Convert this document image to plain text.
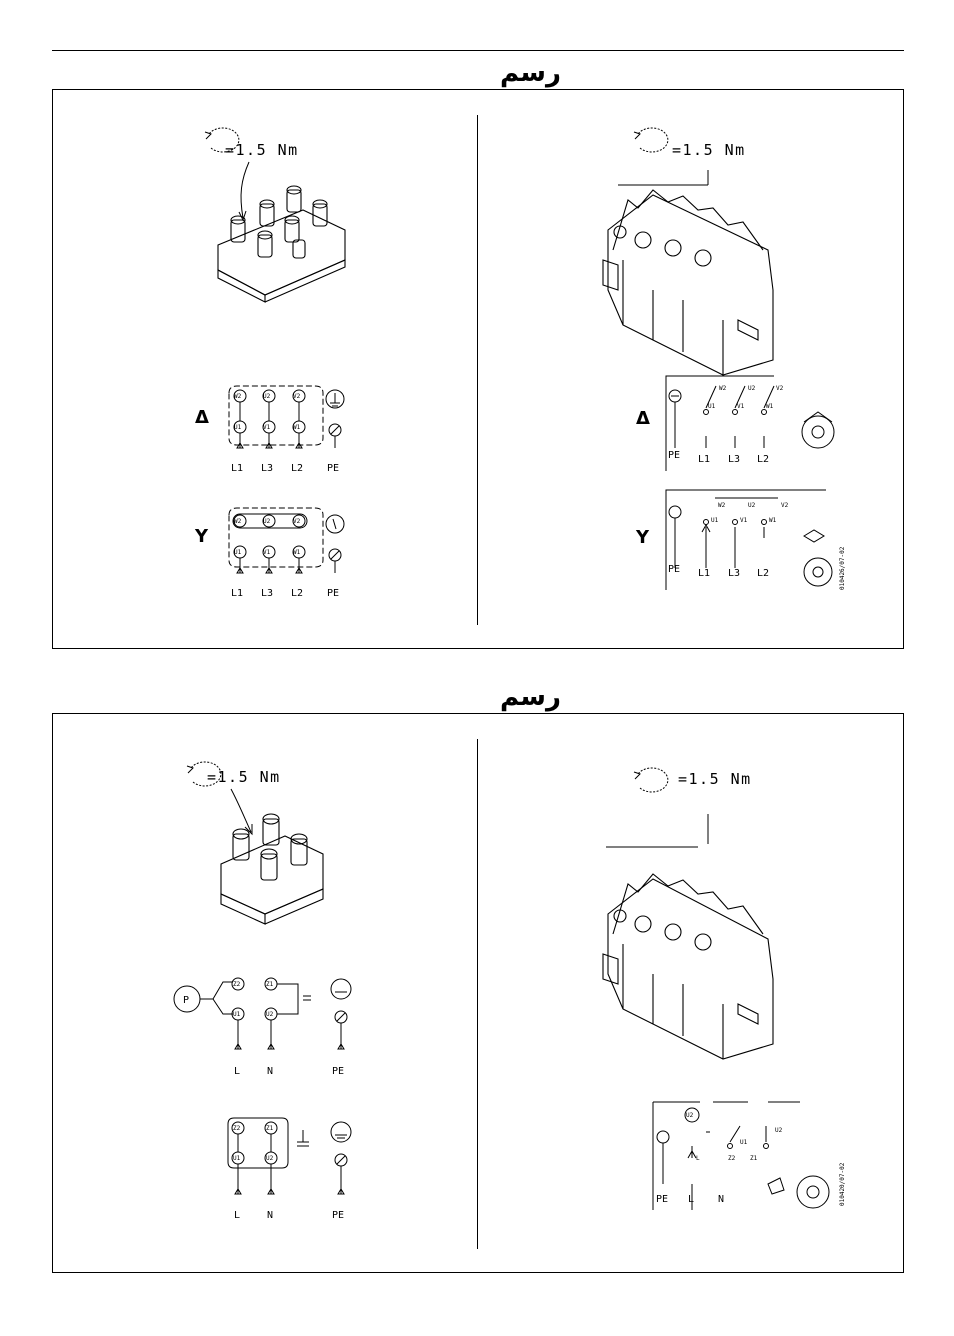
رسم
=1.5 Nm
Δ
L1 L3 L2 PE
W2	U2	V2
U1	V1	W1
Y
L1 L3 L2 PE
W2	U2	V2
U1	V1	W1
=1.5 Nm
Δ
W2	U2	V2
U1	V1	W1
PE L1 L3 L2
Y
W2	U2	V2
U1	V1	W1
PE L1 L3 L2	010426/07-02
رسم
=1.5 Nm
P
Z2	Z1
U1	U2
L	N	PE
Z2	Z1
U1	U2
L	N	PE
=1.5 Nm
U2
U1
Z2 Z1
L
U2
PE L N	010420/07-02
